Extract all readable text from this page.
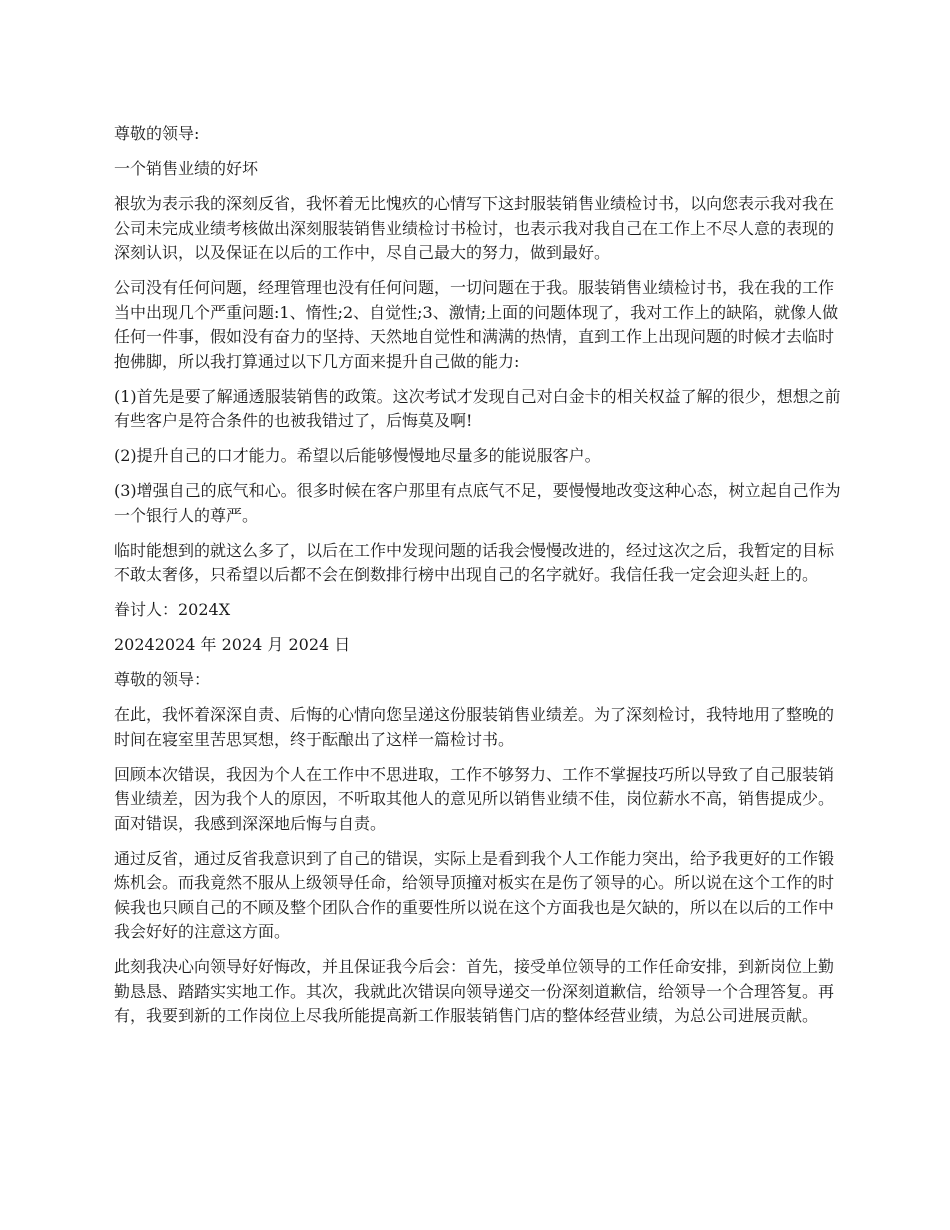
尊敬的领导:

一个销售业绩的好坏

裉欤为表示我的深刻反省，我怀着无比愧疚的心情写下这封服装销售业绩检讨书，以向您表示我对我在公司未完成业绩考核做出深刻服装销售业绩检讨书检讨，也表示我对我自己在工作上不尽人意的表现的深刻认识，以及保证在以后的工作中，尽自己最大的努力，做到最好。

公司没有任何问题，经理管理也没有任何问题，一切问题在于我。服装销售业绩检讨书，我在我的工作当中出现几个严重问题:1、惰性;2、自觉性;3、激情;上面的问题体现了，我对工作上的缺陷，就像人做任何一件事，假如没有奋力的坚持、天然地自觉性和满满的热情，直到工作上出现问题的时候才去临时抱佛脚，所以我打算通过以下几方面来提升自己做的能力:

(1)首先是要了解通透服装销售的政策。这次考试才发现自己对白金卡的相关权益了解的很少，想想之前有些客户是符合条件的也被我错过了，后悔莫及啊!

(2)提升自己的口才能力。希望以后能够慢慢地尽量多的能说服客户。

(3)增强自己的底气和心。很多时候在客户那里有点底气不足，要慢慢地改变这种心态，树立起自己作为一个银行人的尊严。

临时能想到的就这么多了，以后在工作中发现问题的话我会慢慢改进的，经过这次之后，我暂定的目标不敢太奢侈，只希望以后都不会在倒数排行榜中出现自己的名字就好。我信任我一定会迎头赶上的。

眷讨人：2024X

20242024 年 2024 月 2024 日

尊敬的领导：

在此，我怀着深深自责、后悔的心情向您呈递这份服装销售业绩差。为了深刻检讨，我特地用了整晚的时间在寝室里苦思冥想，终于酝酿出了这样一篇检讨书。

回顾本次错误，我因为个人在工作中不思进取，工作不够努力、工作不掌握技巧所以导致了自己服装销售业绩差，因为我个人的原因，不听取其他人的意见所以销售业绩不佳，岗位薪水不高，销售提成少。面对错误，我感到深深地后悔与自责。

通过反省，通过反省我意识到了自己的错误，实际上是看到我个人工作能力突出，给予我更好的工作锻炼机会。而我竟然不服从上级领导任命，给领导顶撞对板实在是伤了领导的心。所以说在这个工作的时候我也只顾自己的不顾及整个团队合作的重要性所以说在这个方面我也是欠缺的，所以在以后的工作中我会好好的注意这方面。

此刻我决心向领导好好悔改，并且保证我今后会：首先，接受单位领导的工作任命安排，到新岗位上勤勤恳恳、踏踏实实地工作。其次，我就此次错误向领导递交一份深刻道歉信，给领导一个合理答复。再有，我要到新的工作岗位上尽我所能提高新工作服装销售门店的整体经营业绩，为总公司进展贡献。
